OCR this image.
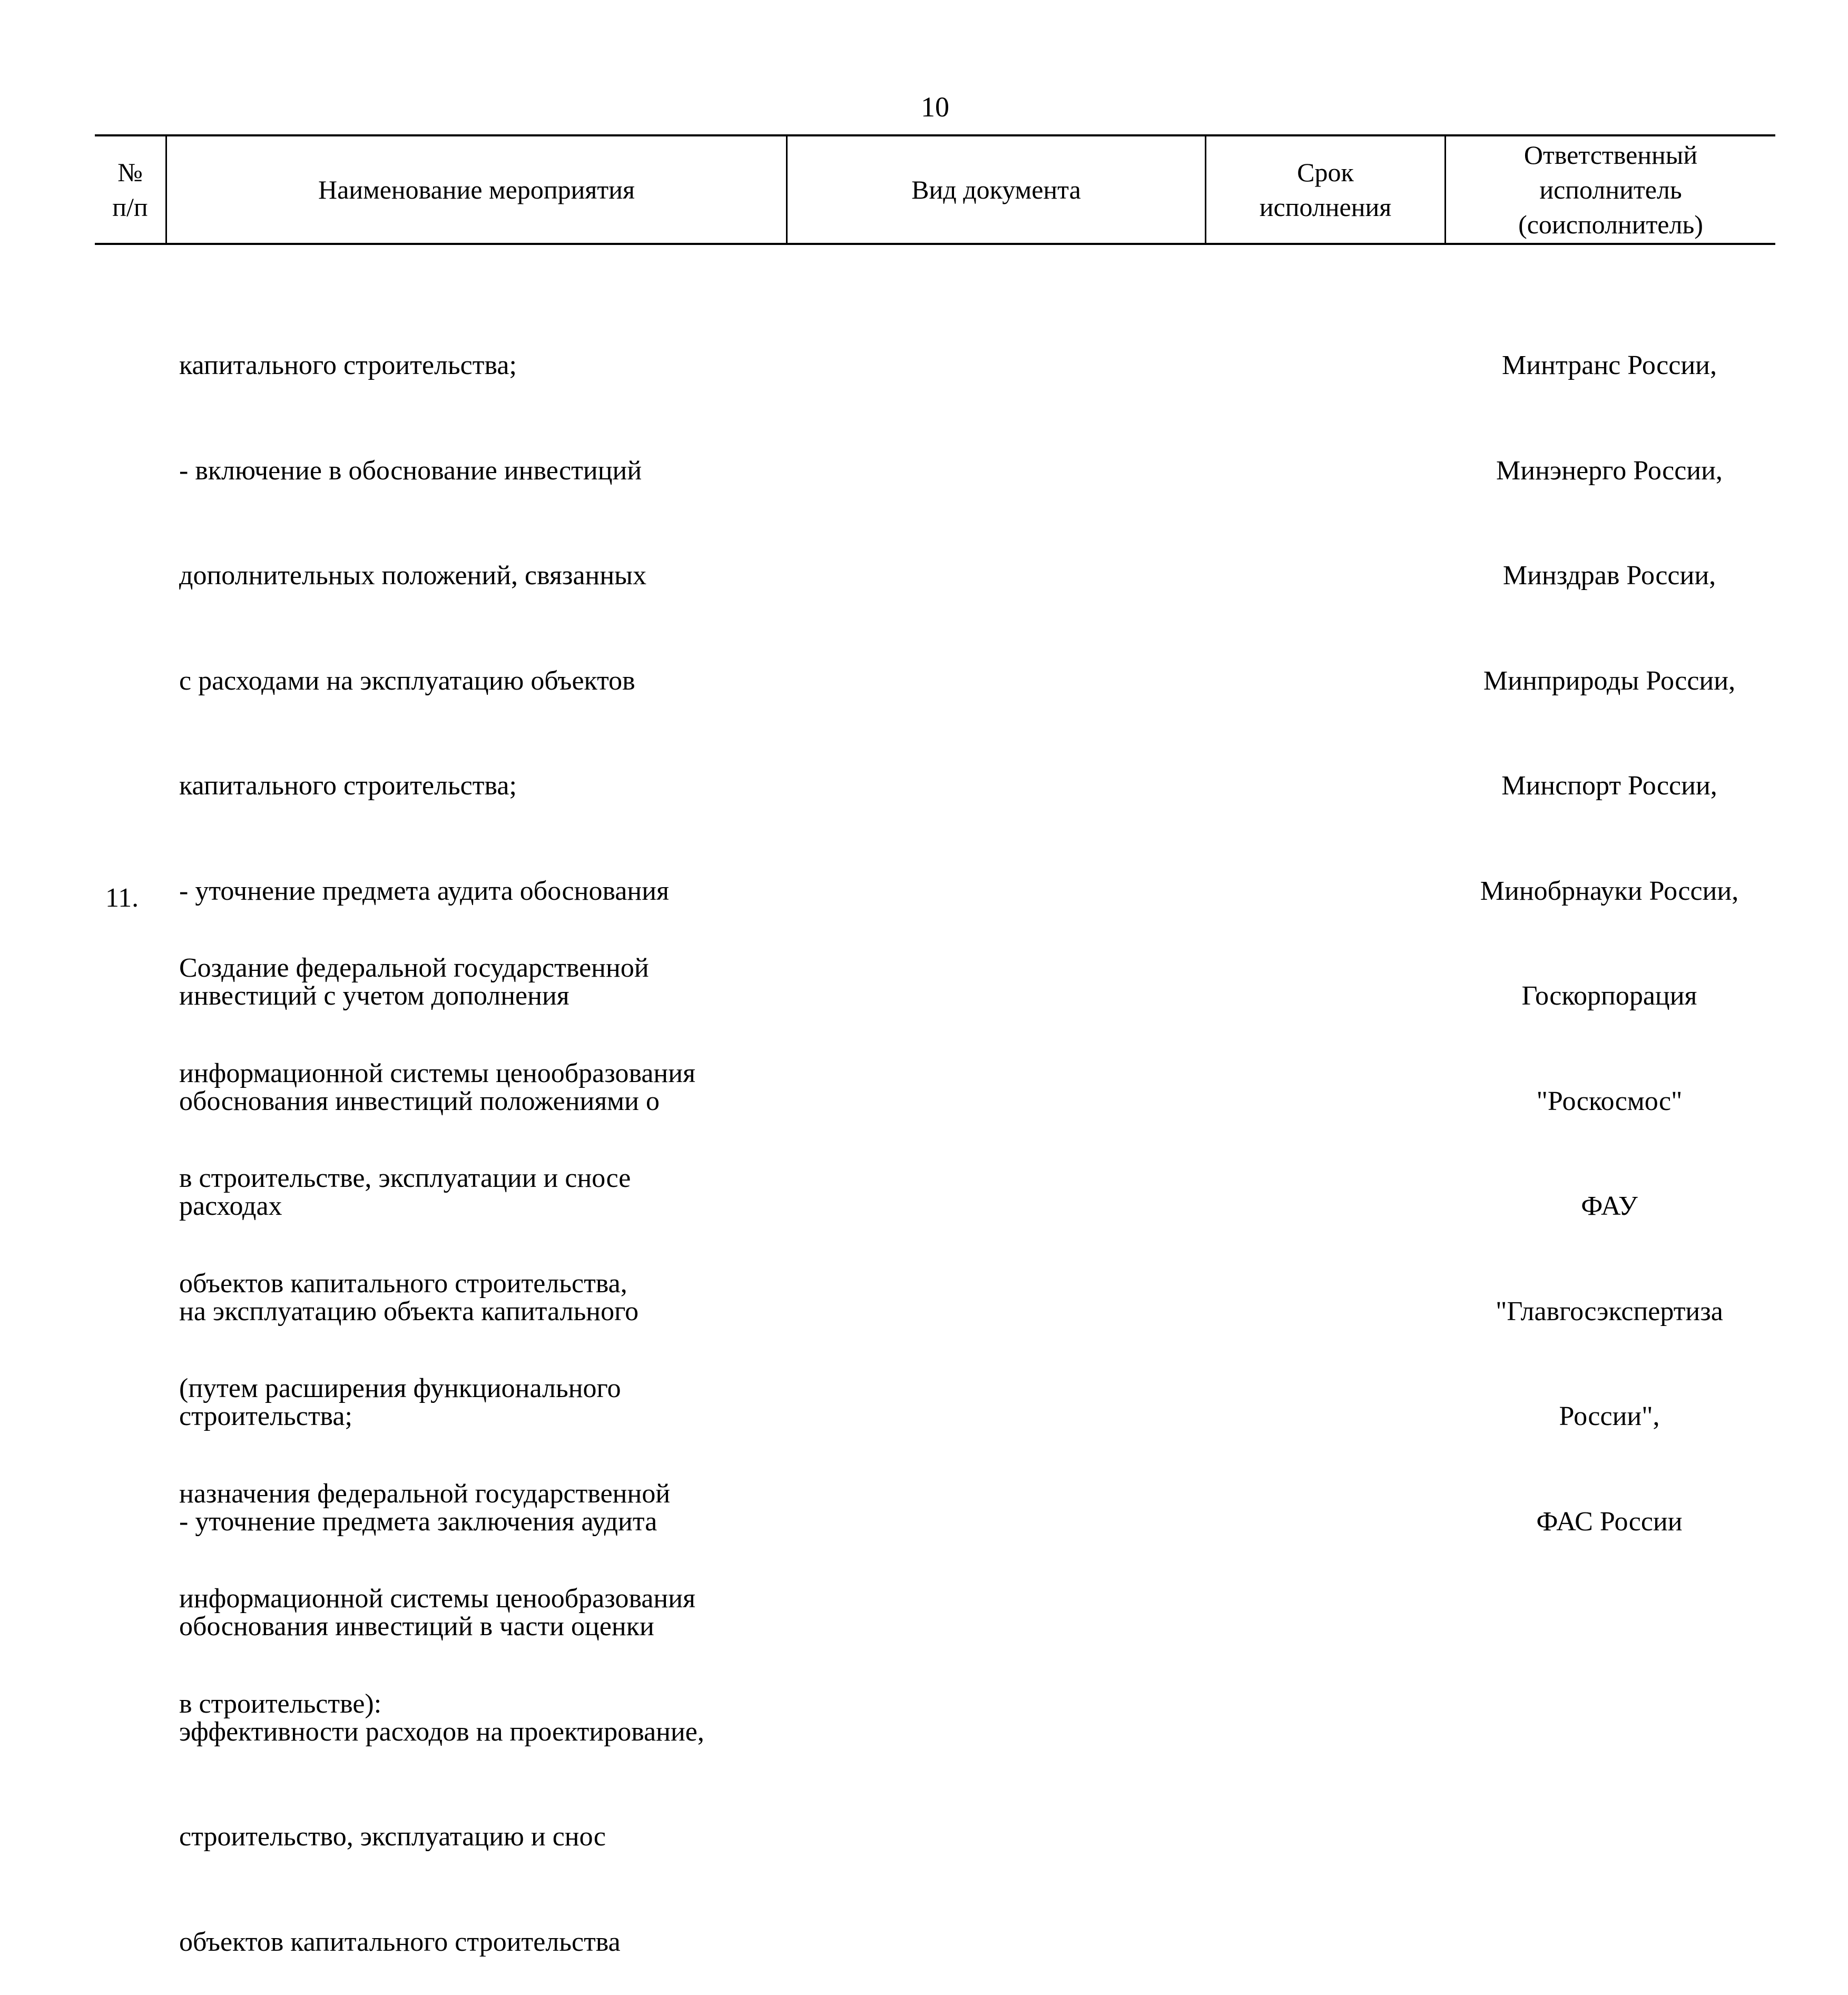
10
№
п/п
Наименование мероприятия	Вид документа
Срок
исполнения
Ответственный
исполнитель
(соисполнитель)

капитального строительства;

- включение в обоснование инвестиций

дополнительных положений, связанных

с расходами на эксплуатацию объектов

капитального строительства;

- уточнение предмета аудита обоснования

инвестиций с учетом дополнения

обоснования инвестиций положениями о

расходах

на эксплуатацию объекта капитального

строительства;

- уточнение предмета заключения аудита

обоснования инвестиций в части оценки

эффективности расходов на проектирование,

строительство, эксплуатацию и снос

объектов капитального строительства

Минтранс России,

Минэнерго России,

Минздрав России,

Минприроды России,

Минспорт России,

Минобрнауки России,

Госкорпорация

"Роскосмос"

ФАУ

"Главгосэкспертиза

России",

ФАС России

11.

Создание федеральной государственной

информационной системы ценообразования

в строительстве, эксплуатации и сносе

объектов капитального строительства,

(путем расширения функционального

назначения федеральной государственной

информационной системы ценообразования

в строительстве):
